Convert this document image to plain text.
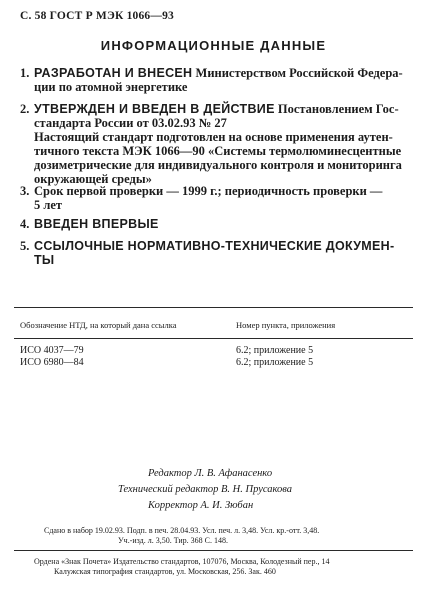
С. 58 ГОСТ Р МЭК 1066—93
ИНФОРМАЦИОННЫЕ ДАННЫЕ
1. РАЗРАБОТАН И ВНЕСЕН Министерством Российской Федера-
ции по атомной энергетике
2. УТВЕРЖДЕН И ВВЕДЕН В ДЕЙСТВИЕ Постановлением Гос-
стандарта России от 03.02.93 № 27
Настоящий стандарт подготовлен на основе применения аутен-
тичного текста МЭК 1066—90 «Системы термолюминесцентные
дозиметрические для индивидуального контроля и мониторинга
окружающей среды»
3. Срок первой проверки — 1999 г.; периодичность проверки —
5 лет
4. ВВЕДЕН ВПЕРВЫЕ
5. ССЫЛОЧНЫЕ НОРМАТИВНО-ТЕХНИЧЕСКИЕ ДОКУМЕН-
ТЫ
Обозначение НТД, на который дана ссылка	Номер пункта, приложения
ИСО 4037—79	6.2; приложение 5
ИСО 6980—84	6.2; приложение 5
Редактор Л. В. Афанасенко
Технический редактор В. Н. Прусакова
Корректор А. И. Зюбан
Сдано в набор 19.02.93. Подп. в печ. 28.04.93. Усл. печ. л. 3,48. Усл. кр.-отт. 3,48.
Уч.-изд. л. 3,50. Тир. 368 С. 148.
Ордена «Знак Почета» Издательство стандартов, 107076, Москва, Колодезный пер., 14
Калужская типография стандартов, ул. Московская, 256. Зак. 460
